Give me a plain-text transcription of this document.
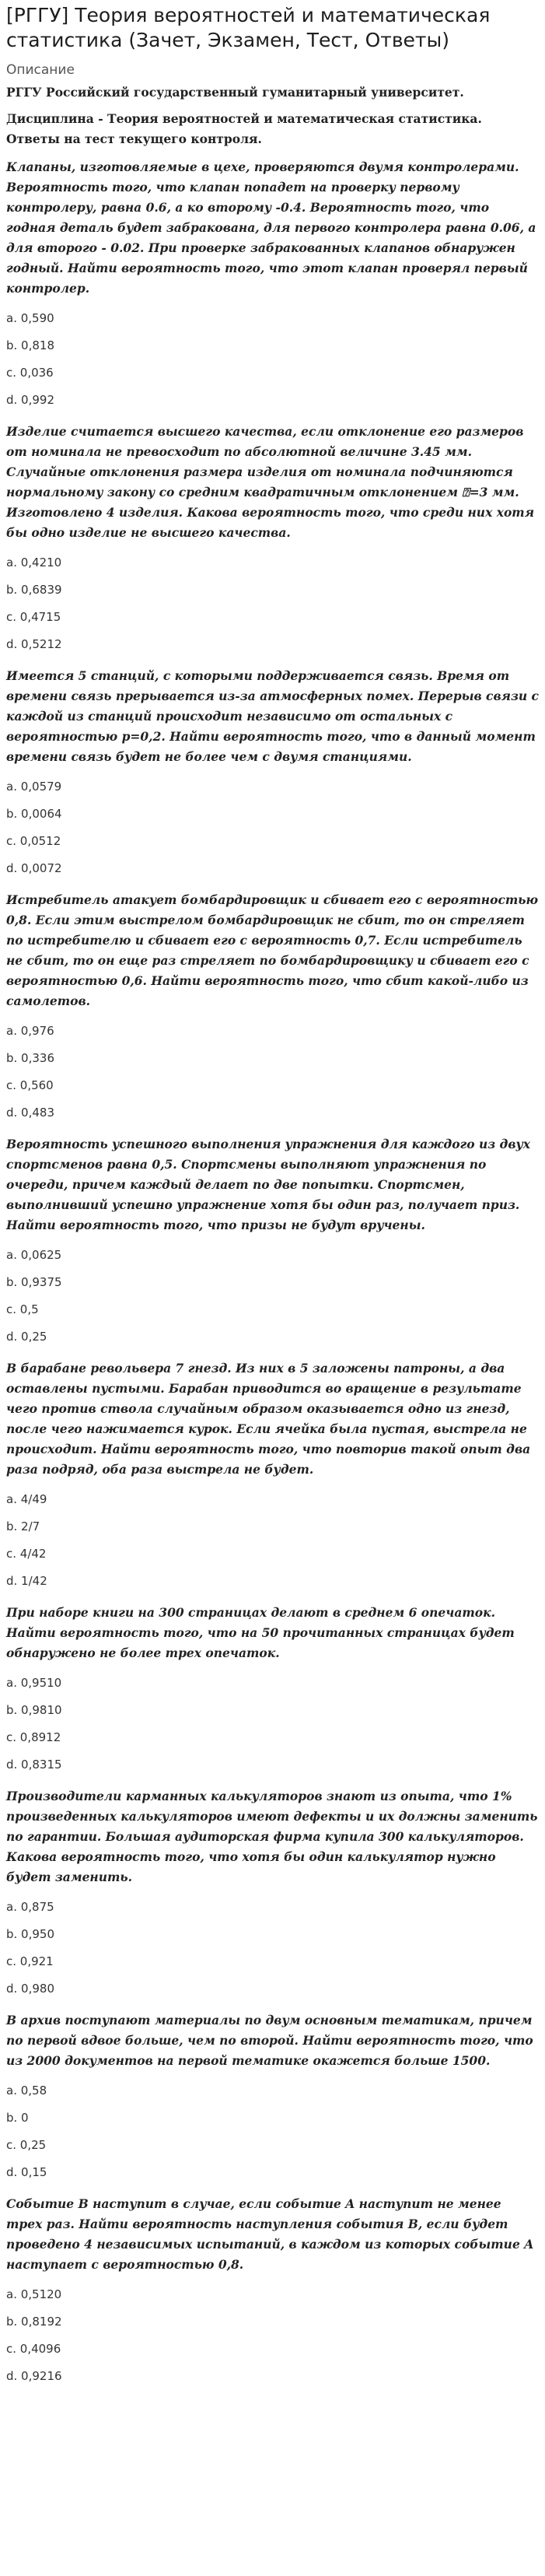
[РГГУ] Теория вероятностей и математическая статистика (Зачет, Экзамен, Тест, Ответы)
Описание

РГГУ Российский государственный гуманитарный университет.

Дисциплина - Теория вероятностей и математическая статистика. Ответы на тест текущего контроля.

Клапаны, изготовляемые в цехе, проверяются двумя контролерами. Вероятность того, что клапан попадет на проверку первому контролеру, равна 0.6, а ко второму -0.4. Вероятность того, что годная деталь будет забракована, для первого контролера равна 0.06, а для второго - 0.02. При проверке забракованных клапанов обнаружен годный. Найти вероятность того, что этот клапан проверял первый контролер.

a. 0,590
b. 0,818
c. 0,036
d. 0,992

Изделие считается высшего качества, если отклонение его размеров от номинала не превосходит по абсолютной величине 3.45 мм. Случайные отклонения размера изделия от номинала подчиняются нормальному закону со средним квадратичным отклонением ⍰=3 мм. Изготовлено 4 изделия. Какова вероятность того, что среди них хотя бы одно изделие не высшего качества.

a. 0,4210
b. 0,6839
c. 0,4715
d. 0,5212

Имеется 5 станций, с которыми поддерживается связь. Время от времени связь прерывается из-за атмосферных помех. Перерыв связи с каждой из станций происходит независимо от остальных с вероятностью р=0,2. Найти вероятность того, что в данный момент времени связь будет не более чем с двумя станциями.

a. 0,0579
b. 0,0064
c. 0,0512
d. 0,0072

Истребитель атакует бомбардировщик и сбивает его с вероятностью 0,8. Если этим выстрелом бомбардировщик не сбит, то он стреляет по истребителю и сбивает его с вероятность 0,7. Если истребитель не сбит, то он еще раз стреляет по бомбардировщику и сбивает его с вероятностью 0,6. Найти вероятность того, что сбит какой-либо из самолетов.

a. 0,976
b. 0,336
c. 0,560
d. 0,483

Вероятность успешного выполнения упражнения для каждого из двух спортсменов равна 0,5. Спортсмены выполняют упражнения по очереди, причем каждый делает по две попытки. Спортсмен, выполнивший успешно упражнение хотя бы один раз, получает приз. Найти вероятность того, что призы не будут вручены.

a. 0,0625
b. 0,9375
c. 0,5
d. 0,25

В барабане револьвера 7 гнезд. Из них в 5 заложены патроны, а два оставлены пустыми. Барабан приводится во вращение в результате чего против ствола случайным образом оказывается одно из гнезд, после чего нажимается курок. Если ячейка была пустая, выстрела не происходит. Найти вероятность того, что повторив такой опыт два раза подряд, оба раза выстрела не будет.

a. 4/49
b. 2/7
c. 4/42
d. 1/42

При наборе книги на 300 страницах делают в среднем 6 опечаток. Найти вероятность того, что на 50 прочитанных страницах будет обнаружено не более трех опечаток.

a. 0,9510
b. 0,9810
c. 0,8912
d. 0,8315

Производители карманных калькуляторов знают из опыта, что 1% произведенных калькуляторов имеют дефекты и их должны заменить по гарантии. Большая аудиторская фирма купила 300 калькуляторов. Какова вероятность того, что хотя бы один калькулятор нужно будет заменить.

a. 0,875
b. 0,950
c. 0,921
d. 0,980

В архив поступают материалы по двум основным тематикам, причем по первой вдвое больше, чем по второй. Найти вероятность того, что из 2000 документов на первой тематике окажется больше 1500.

a. 0,58
b. 0
c. 0,25
d. 0,15

Событие B наступит в случае, если событие A наступит не менее трех раз. Найти вероятность наступления события B, если будет проведено 4 независимых испытаний, в каждом из которых событие A наступает с вероятностью 0,8.

a. 0,5120
b. 0,8192
c. 0,4096
d. 0,9216
